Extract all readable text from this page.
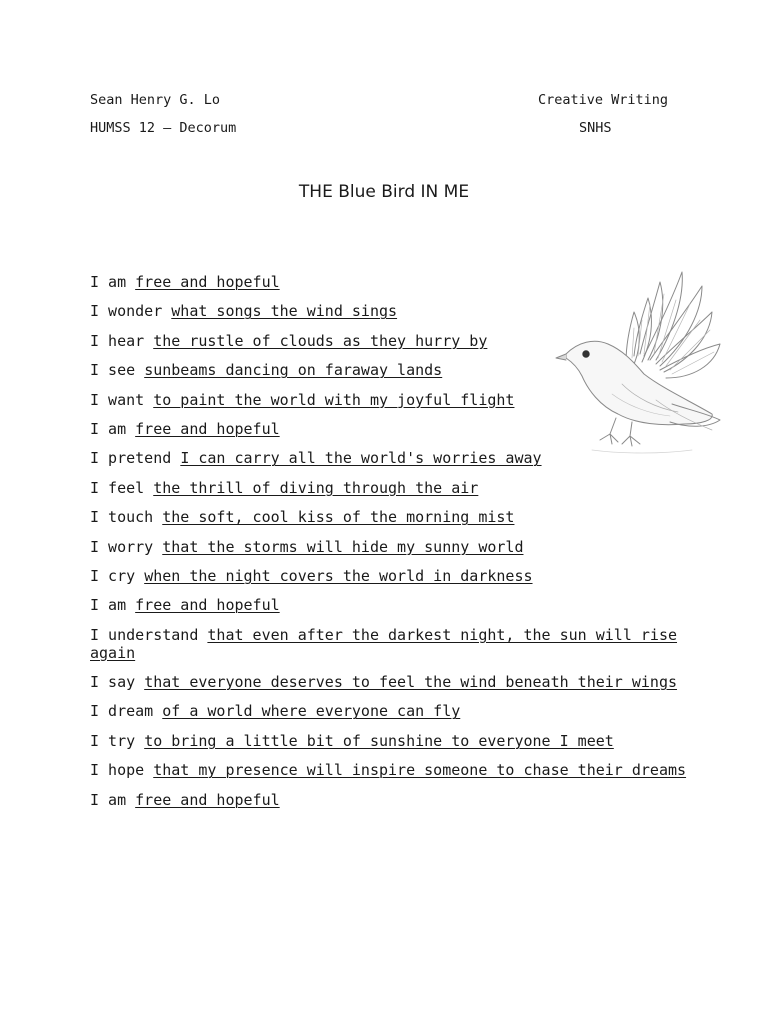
Sean Henry G. Lo
HUMSS 12 – Decorum
Creative Writing
SNHS
THE Blue Bird IN ME
I am free and hopeful
I wonder what songs the wind sings
I hear the rustle of clouds as they hurry by
I see sunbeams dancing on faraway lands
I want to paint the world with my joyful flight
I am free and hopeful
I pretend I can carry all the world's worries away
I feel the thrill of diving through the air
I touch the soft, cool kiss of the morning mist
I worry that the storms will hide my sunny world
I cry when the night covers the world in darkness
I am free and hopeful
I understand that even after the darkest night, the sun will rise again
I say that everyone deserves to feel the wind beneath their wings
I dream of a world where everyone can fly
I try to bring a little bit of sunshine to everyone I meet
I hope that my presence will inspire someone to chase their dreams
I am free and hopeful
